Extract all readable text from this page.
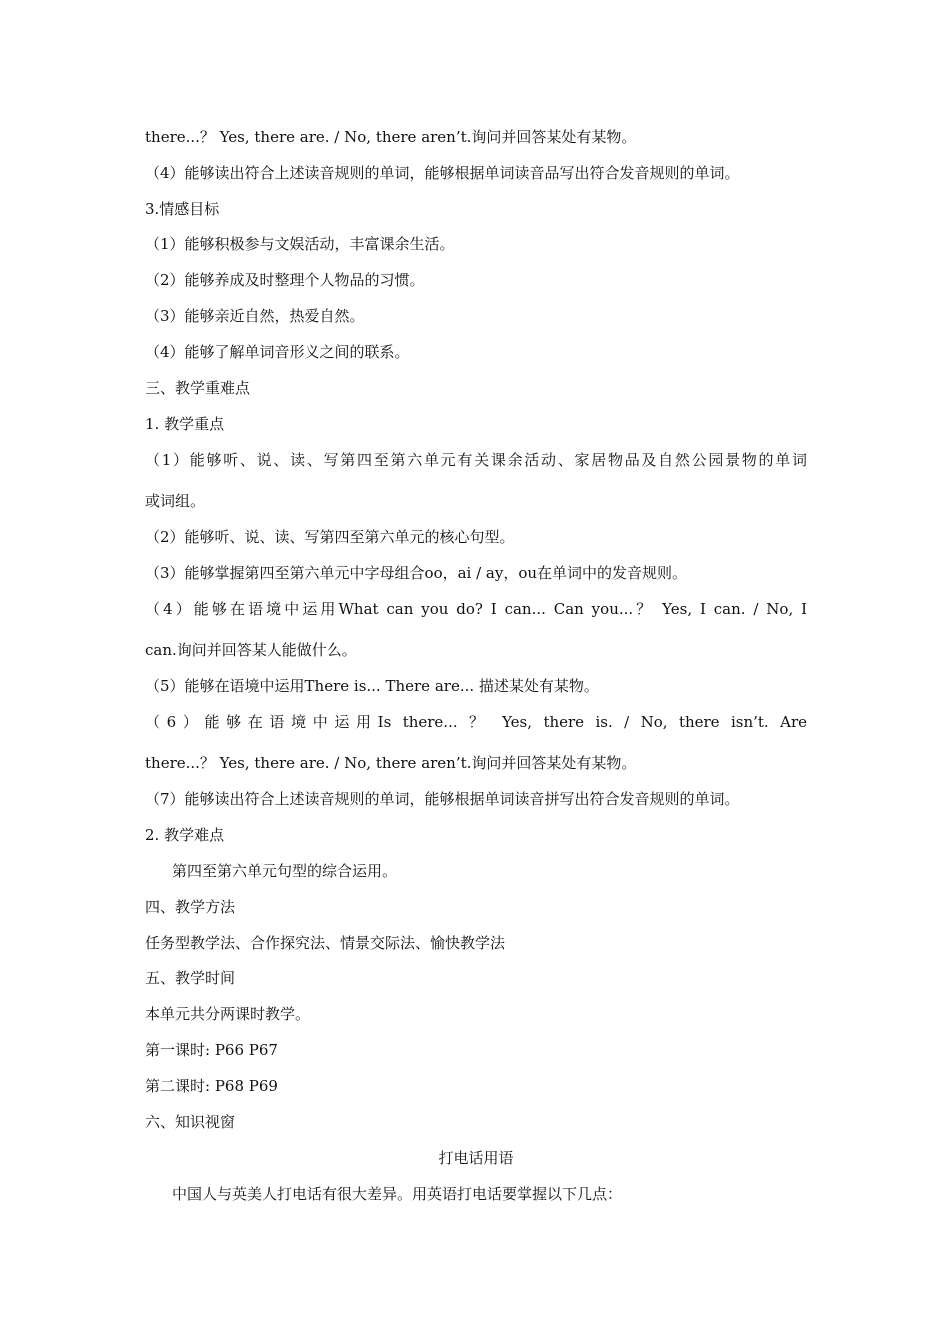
there...？ Yes, there are. / No, there aren’t.询问并回答某处有某物。
（4）能够读出符合上述读音规则的单词，能够根据单词读音品写出符合发音规则的单词。
3.情感目标
（1）能够积极参与文娱活动，丰富课余生活。
（2）能够养成及时整理个人物品的习惯。
（3）能够亲近自然，热爱自然。
（4）能够了解单词音形义之间的联系。
三、教学重难点
1. 教学重点
（1）能够听、说、读、写第四至第六单元有关课余活动、家居物品及自然公园景物的单词
或词组。
（2）能够听、说、读、写第四至第六单元的核心句型。
（3）能够掌握第四至第六单元中字母组合oo，ai / ay，ou在单词中的发音规则。
（4）能够在语境中运用What can you do? I can... Can you...？ Yes, I can. / No, I
can.询问并回答某人能做什么。
（5）能够在语境中运用There is... There are... 描述某处有某物。
（6）能够在语境中运用Is there... ？ Yes, there is. / No, there isn’t. Are
there...？ Yes, there are. / No, there aren’t.询问并回答某处有某物。
（7）能够读出符合上述读音规则的单词，能够根据单词读音拼写出符合发音规则的单词。
2. 教学难点
第四至第六单元句型的综合运用。
四、教学方法
任务型教学法、合作探究法、情景交际法、愉快教学法
五、教学时间
本单元共分两课时教学。
第一课时: P66 P67
第二课时: P68 P69
六、知识视窗
打电话用语
中国人与英美人打电话有很大差异。用英语打电话要掌握以下几点：
